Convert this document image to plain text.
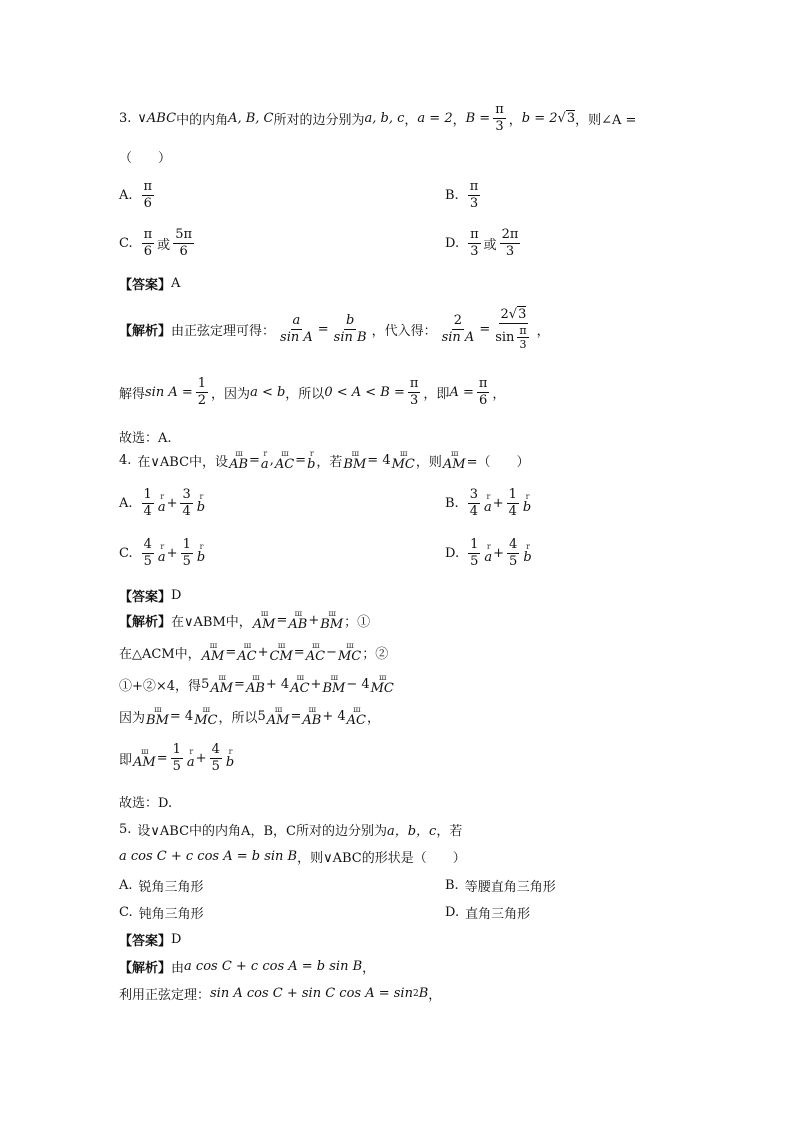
3. ∨ABC 中的内角 A, B, C 所对的边分别为 a, b, c ， a = 2 ， $B = \frac{\pi}{3}$ ， b = 2 √ 3 ，则∠A =
（　　）
A. $\frac{\pi}{6}$	B. $\frac{\pi}{3}$
C. $\frac{\pi}{6}$ 或 $\frac{5\pi}{6}$	D. $\frac{\pi}{3}$ 或 $\frac{2\pi}{3}$
【答案】 A
【解析】 由正弦定理可得： $\frac{a}{\text{sin A}} = \frac{b}{\text{sin B}}$ ，代入得： $\frac{2}{\text{sin A}} = \frac{2√3}{\sin \frac{\pi}{3}}$ ，
解得 $\sin A = \frac{1}{2}$ ，因为 a < b ，所以 $0 < A < B = \frac{\pi}{3}$ ，即 $A = \frac{\pi}{6}$ ，
故选：A.
4. 在∨ABC中，设
ш
AB = r
a , ш
AC = r
b ，若
ш
BM = 4 ш
MC ，则
ш
AM =（　　）
A. $\frac{1}{4}$ r
$a + \frac{3}{4}$ r
b	B. $\frac{3}{4}$ r
$a + \frac{1}{4}$ r
b
C. $\frac{4}{5}$ r
$a + \frac{1}{5}$ r
b	D. $\frac{1}{5}$ r
$a + \frac{4}{5}$ r
b
【答案】 D
【解析】 在∨ABM中，
ш
AM = ш
AB + ш
BM ；①
在△ACM中，
ш
AM = ш
AC + ш
CM = ш
AC − ш
MC ；②
①+②×4，得 5 ш
AM = ш
AB + 4 ш
AC + ш
BM − 4 ш
MC
因为
ш
BM = 4 ш
MC ，所以 5 ш
AM = ш
AB + 4 ш
AC ，
即
ш
AM = $\frac{1}{5}$ r
$a + \frac{4}{5}$ r
b
故选：D.
5. 设∨ABC中的内角A，B，C所对的边分别为 a，b，c ，若
a cos C + c cos A = b sin B ，则∨ABC的形状是（　　）
A. 锐角三角形	B. 等腰直角三角形
C. 钝角三角形	D. 直角三角形
【答案】 D
【解析】 由 a cos C + c cos A = b sin B ，
利用正弦定理： sin A cos C + sin C cos A = sin 2 B ，
